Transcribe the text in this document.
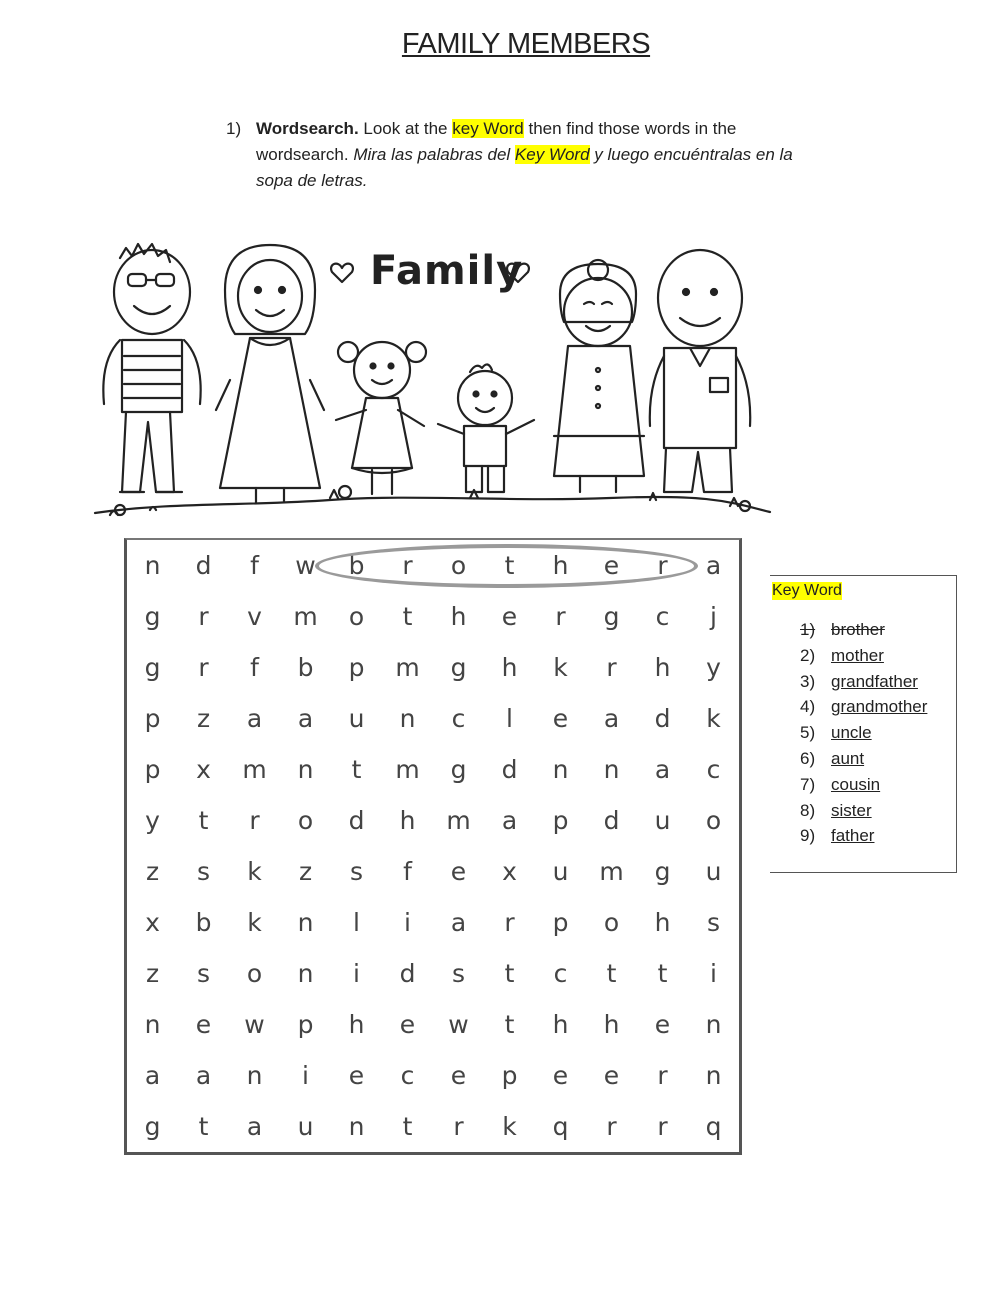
FAMILY MEMBERS
1) Wordsearch. Look at the key Word then find those words in the wordsearch. Mira las palabras del Key Word y luego encuéntralas en la sopa de letras.
Family
n	d	f	w	b	r	o	t	h	e	r	a
g	r	v	m	o	t	h	e	r	g	c	j
g	r	f	b	p	m	g	h	k	r	h	y
p	z	a	a	u	n	c	l	e	a	d	k
p	x	m	n	t	m	g	d	n	n	a	c
y	t	r	o	d	h	m	a	p	d	u	o
z	s	k	z	s	f	e	x	u	m	g	u
x	b	k	n	l	i	a	r	p	o	h	s
z	s	o	n	i	d	s	t	c	t	t	i
n	e	w	p	h	e	w	t	h	h	e	n
a	a	n	i	e	c	e	p	e	e	r	n
g	t	a	u	n	t	r	k	q	r	r	q
Key Word
1) brother
2) mother
3) grandfather
4) grandmother
5) uncle
6) aunt
7) cousin
8) sister
9) father
